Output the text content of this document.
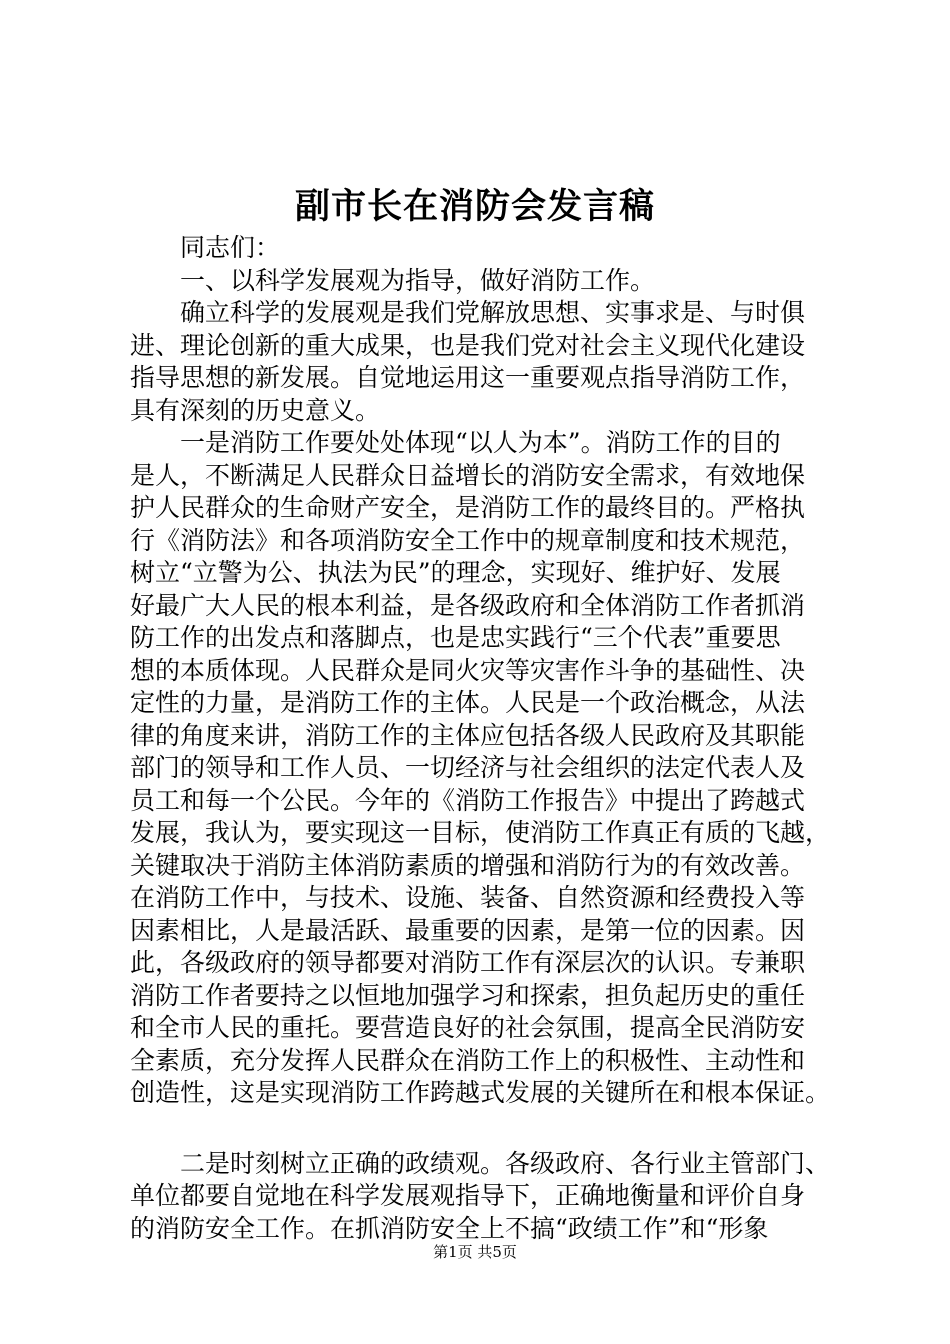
副市长在消防会发言稿
　　同志们：
　　一、以科学发展观为指导，做好消防工作。
　　确立科学的发展观是我们党解放思想、实事求是、与时俱
进、理论创新的重大成果，也是我们党对社会主义现代化建设
指导思想的新发展。自觉地运用这一重要观点指导消防工作，
具有深刻的历史意义。
　　一是消防工作要处处体现“以人为本”。消防工作的目的
是人，不断满足人民群众日益增长的消防安全需求，有效地保
护人民群众的生命财产安全，是消防工作的最终目的。严格执
行《消防法》和各项消防安全工作中的规章制度和技术规范，
树立“立警为公、执法为民”的理念，实现好、维护好、发展
好最广大人民的根本利益，是各级政府和全体消防工作者抓消
防工作的出发点和落脚点，也是忠实践行“三个代表”重要思
想的本质体现。人民群众是同火灾等灾害作斗争的基础性、决
定性的力量，是消防工作的主体。人民是一个政治概念，从法
律的角度来讲，消防工作的主体应包括各级人民政府及其职能
部门的领导和工作人员、一切经济与社会组织的法定代表人及
员工和每一个公民。今年的《消防工作报告》中提出了跨越式
发展，我认为，要实现这一目标，使消防工作真正有质的飞越，
关键取决于消防主体消防素质的增强和消防行为的有效改善。
在消防工作中，与技术、设施、装备、自然资源和经费投入等
因素相比，人是最活跃、最重要的因素，是第一位的因素。因
此，各级政府的领导都要对消防工作有深层次的认识。专兼职
消防工作者要持之以恒地加强学习和探索，担负起历史的重任
和全市人民的重托。要营造良好的社会氛围，提高全民消防安
全素质，充分发挥人民群众在消防工作上的积极性、主动性和
创造性，这是实现消防工作跨越式发展的关键所在和根本保证。
　　二是时刻树立正确的政绩观。各级政府、各行业主管部门、
单位都要自觉地在科学发展观指导下，正确地衡量和评价自身
的消防安全工作。在抓消防安全上不搞“政绩工作”和“形象
第1页 共5页
